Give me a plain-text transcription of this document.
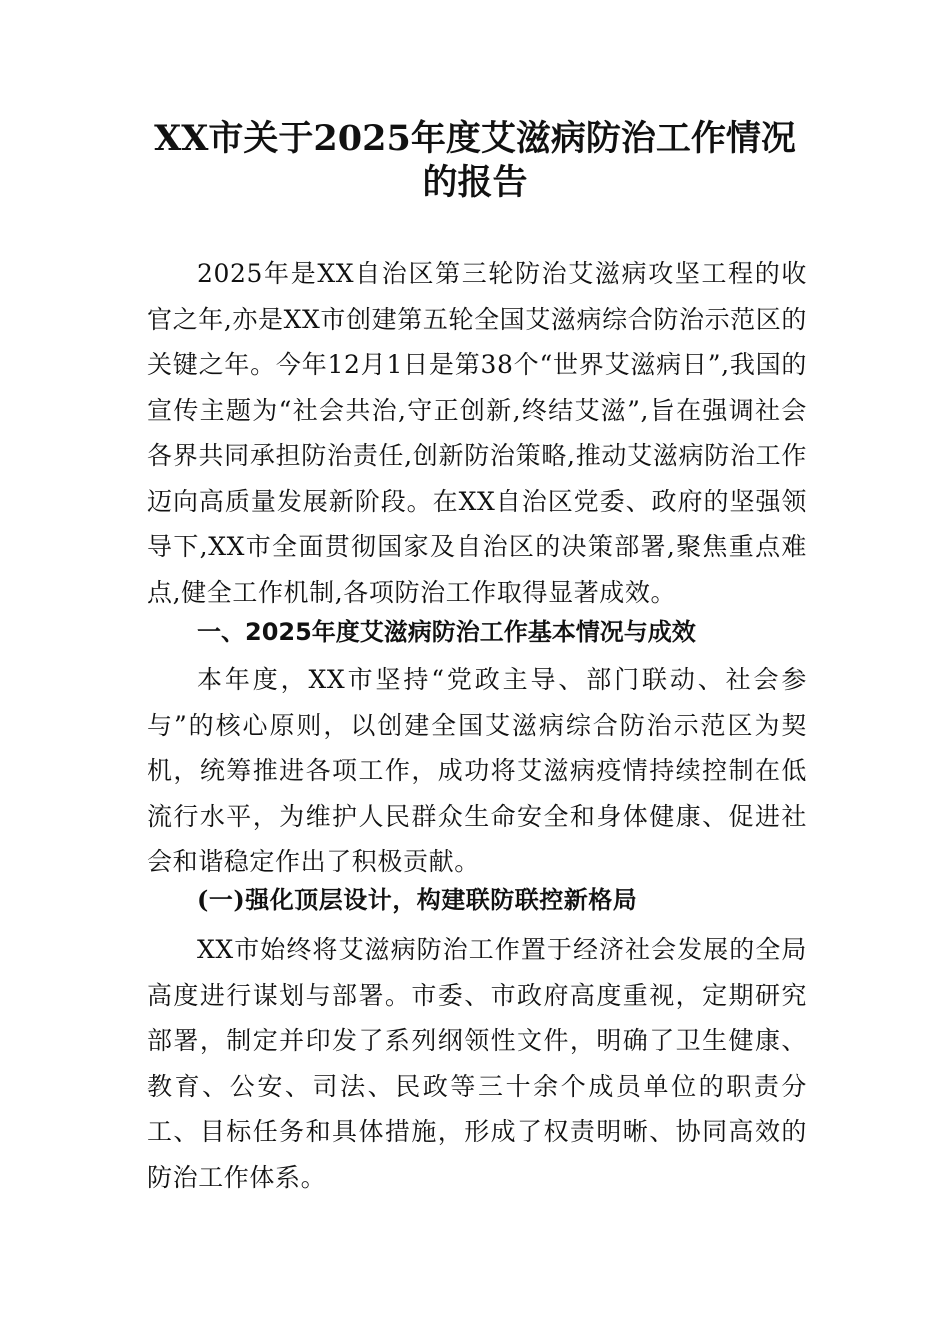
XX市关于2025年度艾滋病防治工作情况
的报告

2025年是XX自治区第三轮防治艾滋病攻坚工程的收官之年,亦是XX市创建第五轮全国艾滋病综合防治示范区的关键之年。今年12月1日是第38个“世界艾滋病日”,我国的宣传主题为“社会共治,守正创新,终结艾滋”,旨在强调社会各界共同承担防治责任,创新防治策略,推动艾滋病防治工作迈向高质量发展新阶段。在XX自治区党委、政府的坚强领导下,XX市全面贯彻国家及自治区的决策部署,聚焦重点难点,健全工作机制,各项防治工作取得显著成效。

一、2025年度艾滋病防治工作基本情况与成效

本年度，XX市坚持“党政主导、部门联动、社会参与”的核心原则，以创建全国艾滋病综合防治示范区为契机，统筹推进各项工作，成功将艾滋病疫情持续控制在低流行水平，为维护人民群众生命安全和身体健康、促进社会和谐稳定作出了积极贡献。

(一)强化顶层设计，构建联防联控新格局

XX市始终将艾滋病防治工作置于经济社会发展的全局高度进行谋划与部署。市委、市政府高度重视，定期研究部署，制定并印发了系列纲领性文件，明确了卫生健康、教育、公安、司法、民政等三十余个成员单位的职责分工、目标任务和具体措施，形成了权责明晰、协同高效的防治工作体系。
